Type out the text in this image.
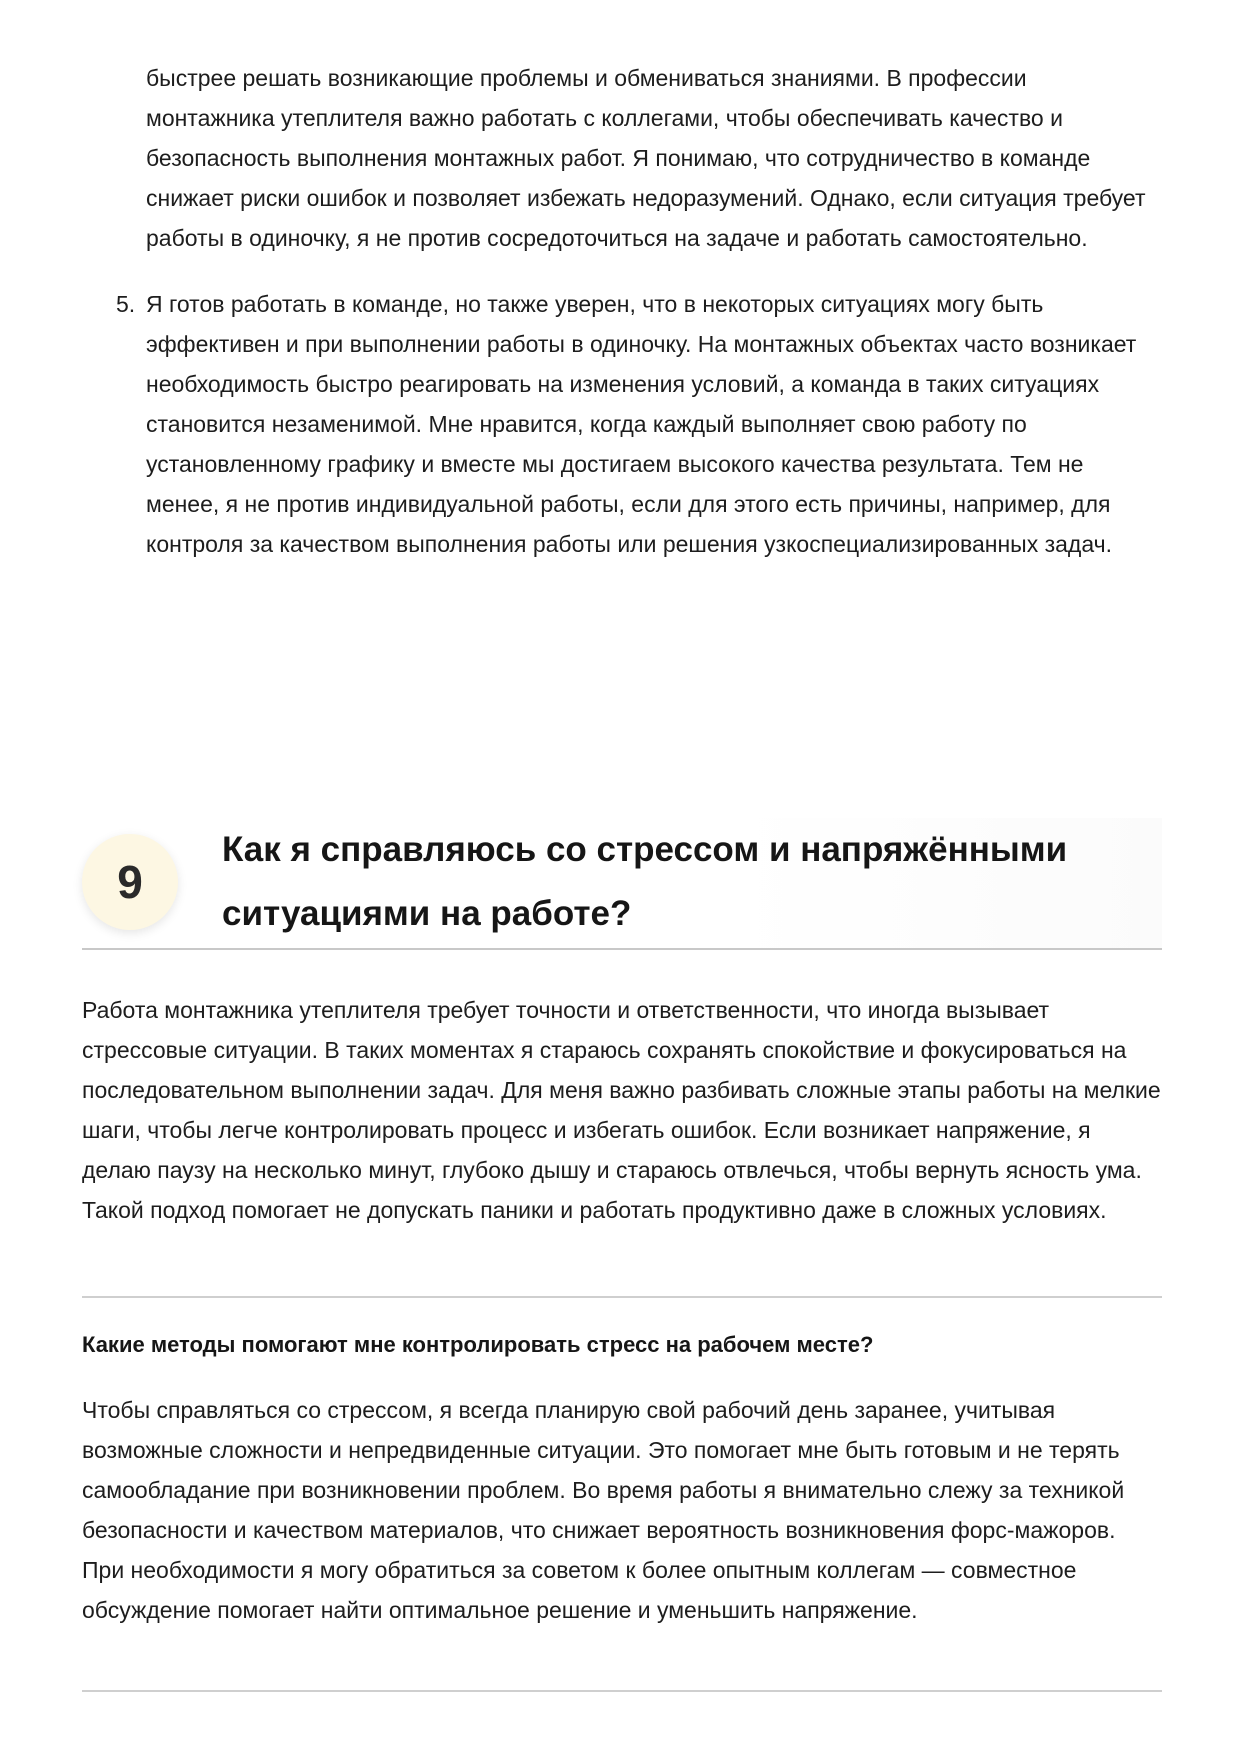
быстрее решать возникающие проблемы и обмениваться знаниями. В профессии монтажника утеплителя важно работать с коллегами, чтобы обеспечивать качество и безопасность выполнения монтажных работ. Я понимаю, что сотрудничество в команде снижает риски ошибок и позволяет избежать недоразумений. Однако, если ситуация требует работы в одиночку, я не против сосредоточиться на задаче и работать самостоятельно.
5. Я готов работать в команде, но также уверен, что в некоторых ситуациях могу быть эффективен и при выполнении работы в одиночку. На монтажных объектах часто возникает необходимость быстро реагировать на изменения условий, а команда в таких ситуациях становится незаменимой. Мне нравится, когда каждый выполняет свою работу по установленному графику и вместе мы достигаем высокого качества результата. Тем не менее, я не против индивидуальной работы, если для этого есть причины, например, для контроля за качеством выполнения работы или решения узкоспециализированных задач.
9
Как я справляюсь со стрессом и напряжёнными ситуациями на работе?

Работа монтажника утеплителя требует точности и ответственности, что иногда вызывает стрессовые ситуации. В таких моментах я стараюсь сохранять спокойствие и фокусироваться на последовательном выполнении задач. Для меня важно разбивать сложные этапы работы на мелкие шаги, чтобы легче контролировать процесс и избегать ошибок. Если возникает напряжение, я делаю паузу на несколько минут, глубоко дышу и стараюсь отвлечься, чтобы вернуть ясность ума. Такой подход помогает не допускать паники и работать продуктивно даже в сложных условиях.

Какие методы помогают мне контролировать стресс на рабочем месте?

Чтобы справляться со стрессом, я всегда планирую свой рабочий день заранее, учитывая возможные сложности и непредвиденные ситуации. Это помогает мне быть готовым и не терять самообладание при возникновении проблем. Во время работы я внимательно слежу за техникой безопасности и качеством материалов, что снижает вероятность возникновения форс-мажоров. При необходимости я могу обратиться за советом к более опытным коллегам — совместное обсуждение помогает найти оптимальное решение и уменьшить напряжение.
